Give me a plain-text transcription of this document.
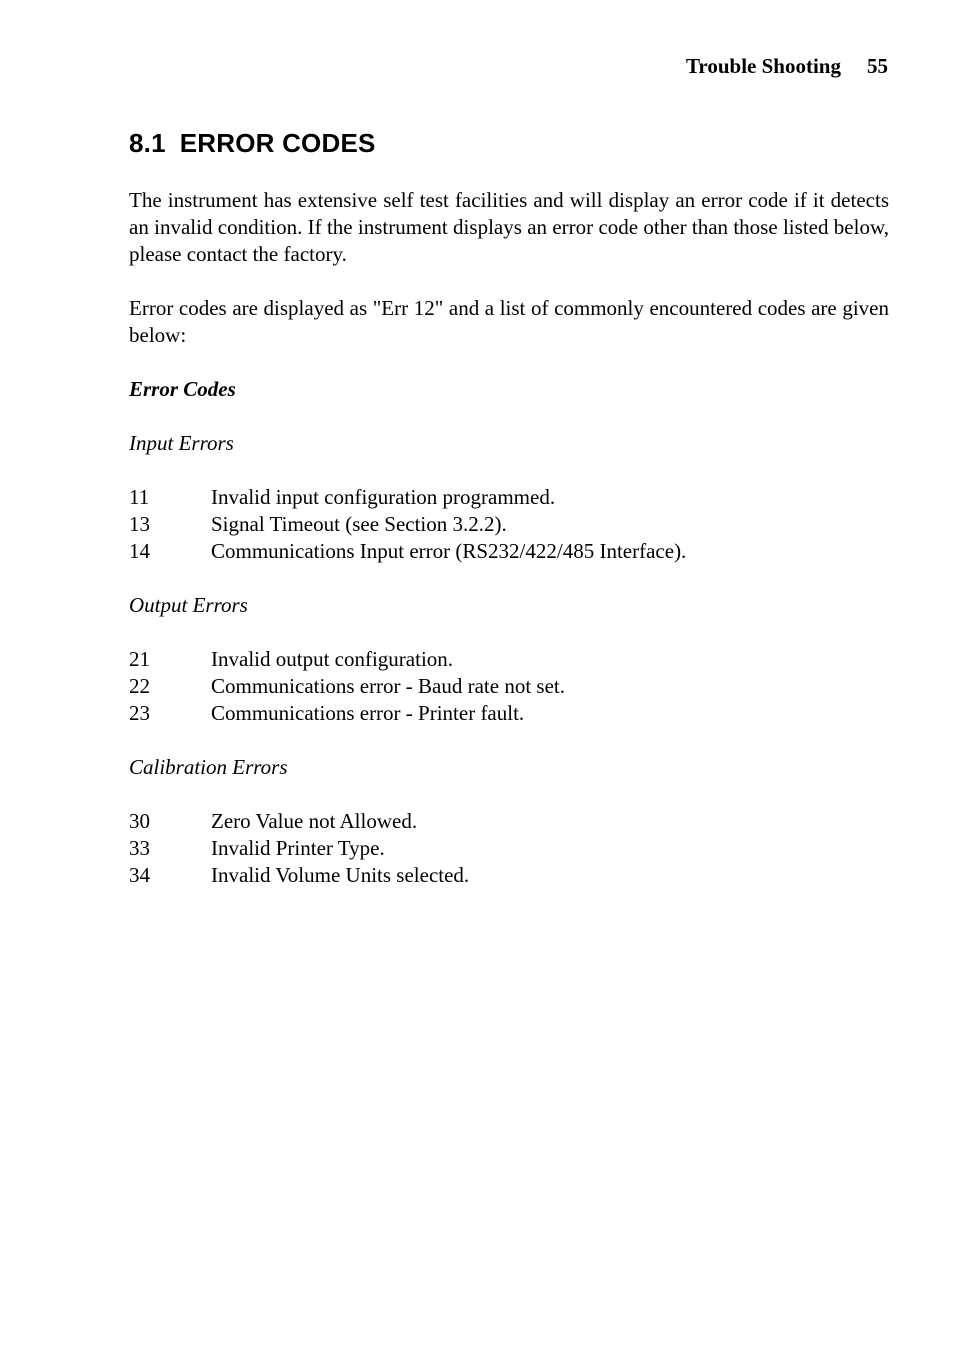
Trouble Shooting 55
8.1 ERROR CODES

The instrument has extensive self test facilities and will display an error code if it detects an invalid condition. If the instrument displays an error code other than those listed below, please contact the factory.

Error codes are displayed as "Err 12" and a list of commonly encountered codes are given below:

Error Codes
Input Errors
11	Invalid input configuration programmed.
13	Signal Timeout (see Section 3.2.2).
14	Communications Input error (RS232/422/485 Interface).
Output Errors
21	Invalid output configuration.
22	Communications error - Baud rate not set.
23	Communications error - Printer fault.
Calibration Errors
30	Zero Value not Allowed.
33	Invalid Printer Type.
34	Invalid Volume Units selected.
